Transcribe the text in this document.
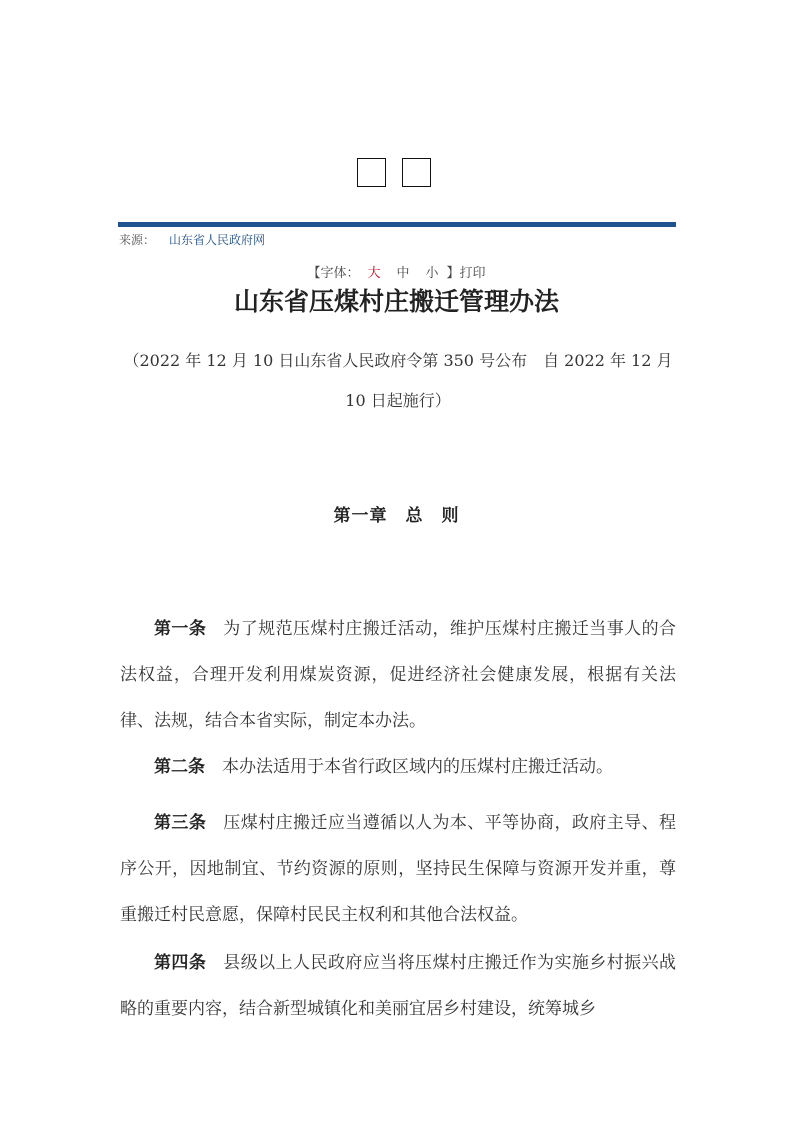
来源： 山东省人民政府网
【字体： 大 中 小 】打印
山东省压煤村庄搬迁管理办法

（2022 年 12 月 10 日山东省人民政府令第 350 号公布　自 2022 年 12 月 10 日起施行）

第一章　总　则

第一条 为了规范压煤村庄搬迁活动，维护压煤村庄搬迁当事人的合法权益，合理开发利用煤炭资源，促进经济社会健康发展，根据有关法律、法规，结合本省实际，制定本办法。

第二条 本办法适用于本省行政区域内的压煤村庄搬迁活动。

第三条 压煤村庄搬迁应当遵循以人为本、平等协商，政府主导、程序公开，因地制宜、节约资源的原则，坚持民生保障与资源开发并重，尊重搬迁村民意愿，保障村民民主权利和其他合法权益。

第四条 县级以上人民政府应当将压煤村庄搬迁作为实施乡村振兴战略的重要内容，结合新型城镇化和美丽宜居乡村建设，统筹城乡
